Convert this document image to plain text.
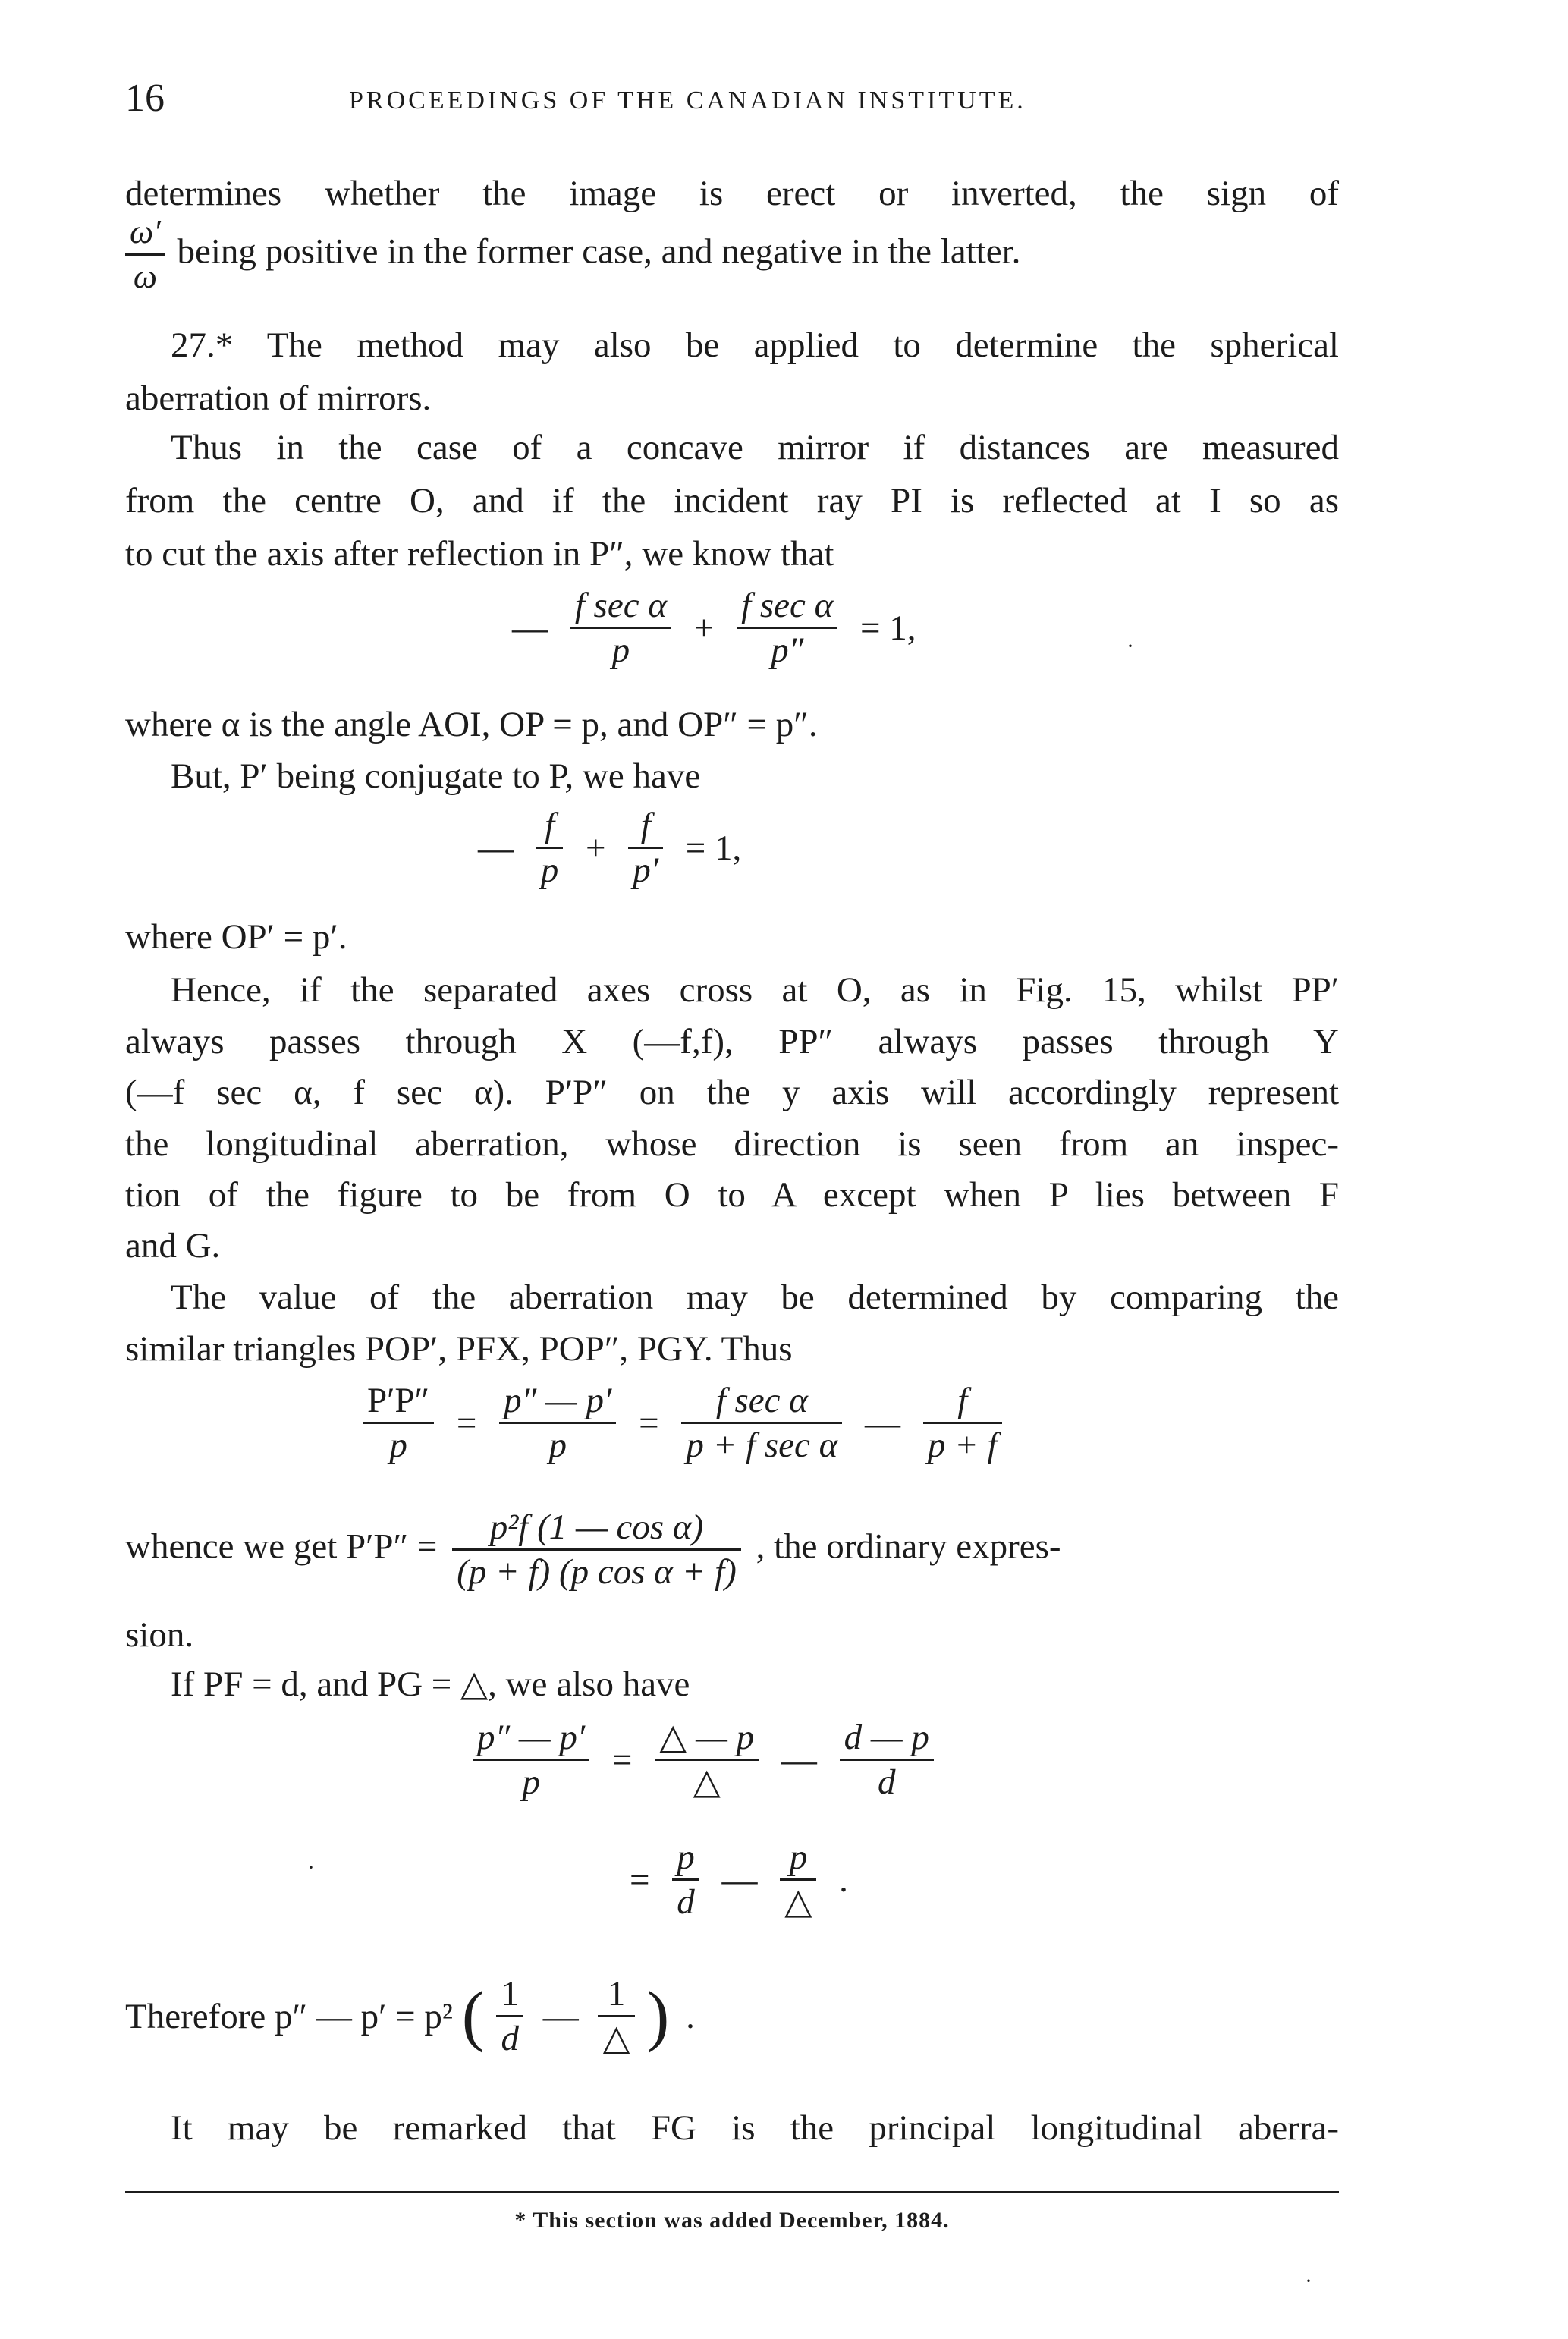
16	PROCEEDINGS OF THE CANADIAN INSTITUTE.
determines whether the image is erect or inverted, the sign of
$\frac{\omega'}{\omega}$ being positive in the former case, and negative in the latter.
27.* The method may also be applied to determine the spherical
aberration of mirrors.
Thus in the case of a concave mirror if distances are measured
from the centre O, and if the incident ray PI is reflected at I so as
to cut the axis after reflection in P″, we know that
— $\frac{\text{f sec α}}{p} + \frac{\text{f sec α}}{p''} = 1$,	·
where α is the angle AOI, OP = p, and OP″ = p″.
But, P′ being conjugate to P, we have
— $\frac{f}{p} + \frac{f}{p'} = 1$,
where OP′ = p′.
Hence, if the separated axes cross at O, as in Fig. 15, whilst PP′
always passes through X (—f,f), PP″ always passes through Y
(—f sec α, f sec α). P′P″ on the y axis will accordingly represent
the longitudinal aberration, whose direction is seen from an inspec-
tion of the figure to be from O to A except when P lies between F
and G.
The value of the aberration may be determined by comparing the
similar triangles POP′, PFX, POP″, PGY. Thus
$\frac{P'P''}{p} = \frac{p'' — p'}{p} = \frac{\text{f sec α}}{\text{p + f sec α}}$ — $\frac{f}{p + f}$
whence we get $P'P'' = \frac{\text{p²f (1 — cos α)}}{\text{(p + f) (p cos α + f)}}$ , the ordinary expres-
sion.
If PF = d, and PG = △, we also have
$\frac{p'' — p'}{p} = \frac{\triangle — p}{\triangle}$ — $\frac{d — p}{d}$
·	= $\frac{p}{d}$ — $\frac{p}{\triangle}$ .
Therefore p″ — p′ = p² ( $\frac{1}{d}$ — $\frac{1}{\triangle}$ ) .
It may be remarked that FG is the principal longitudinal aberra-
* This section was added December, 1884.
·
